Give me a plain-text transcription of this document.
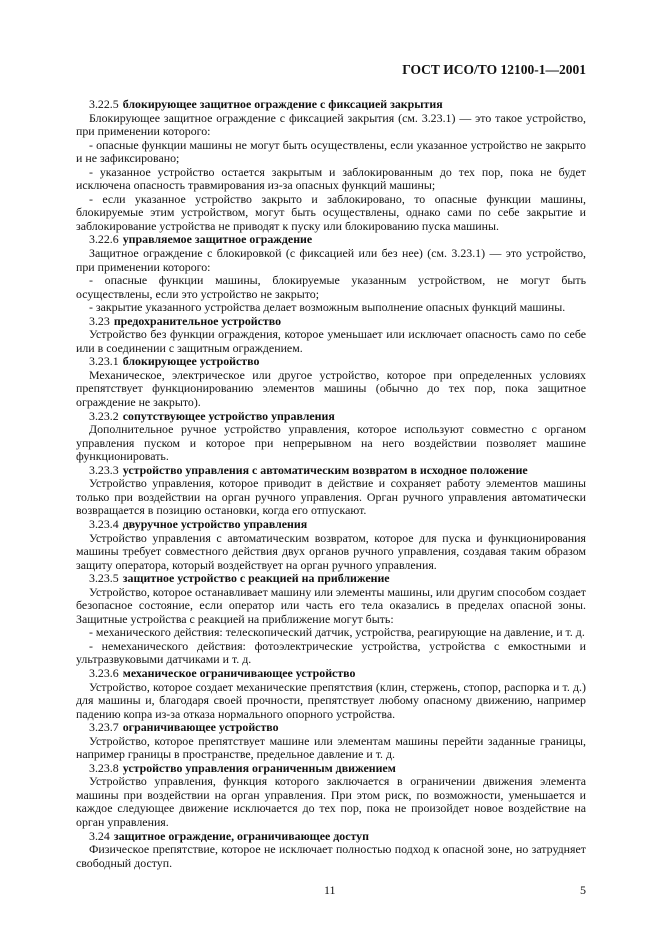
ГОСТ ИСО/ТО 12100-1—2001

3.22.5 блокирующее защитное ограждение с фиксацией закрытия

Блокирующее защитное ограждение с фиксацией закрытия (см. 3.23.1) — это такое устройство, при применении которого:

- опасные функции машины не могут быть осуществлены, если указанное устройство не закрыто и не зафиксировано;

- указанное устройство остается закрытым и заблокированным до тех пор, пока не будет исключена опасность травмирования из-за опасных функций машины;

- если указанное устройство закрыто и заблокировано, то опасные функции машины, блокируемые этим устройством, могут быть осуществлены, однако сами по себе закрытие и заблокирование устройства не приводят к пуску или блокированию пуска машины.

3.22.6 управляемое защитное ограждение

Защитное ограждение с блокировкой (с фиксацией или без нее) (см. 3.23.1) — это устройство, при применении которого:

- опасные функции машины, блокируемые указанным устройством, не могут быть осуществлены, если это устройство не закрыто;

- закрытие указанного устройства делает возможным выполнение опасных функций машины.

3.23 предохранительное устройство

Устройство без функции ограждения, которое уменьшает или исключает опасность само по себе или в соединении с защитным ограждением.

3.23.1 блокирующее устройство

Механическое, электрическое или другое устройство, которое при определенных условиях препятствует функционированию элементов машины (обычно до тех пор, пока защитное ограждение не закрыто).

3.23.2 сопутствующее устройство управления

Дополнительное ручное устройство управления, которое используют совместно с органом управления пуском и которое при непрерывном на него воздействии позволяет машине функционировать.

3.23.3 устройство управления с автоматическим возвратом в исходное положение

Устройство управления, которое приводит в действие и сохраняет работу элементов машины только при воздействии на орган ручного управления. Орган ручного управления автоматически возвращается в позицию остановки, когда его отпускают.

3.23.4 двуручное устройство управления

Устройство управления с автоматическим возвратом, которое для пуска и функционирования машины требует совместного действия двух органов ручного управления, создавая таким образом защиту оператора, который воздействует на орган ручного управления.

3.23.5 защитное устройство с реакцией на приближение

Устройство, которое останавливает машину или элементы машины, или другим способом создает безопасное состояние, если оператор или часть его тела оказались в пределах опасной зоны. Защитные устройства с реакцией на приближение могут быть:

- механического действия: телескопический датчик, устройства, реагирующие на давление, и т. д.

- немеханического действия: фотоэлектрические устройства, устройства с емкостными и ультразвуковыми датчиками и т. д.

3.23.6 механическое ограничивающее устройство

Устройство, которое создает механические препятствия (клин, стержень, стопор, распорка и т. д.) для машины и, благодаря своей прочности, препятствует любому опасному движению, например падению копра из-за отказа нормального опорного устройства.

3.23.7 ограничивающее устройство

Устройство, которое препятствует машине или элементам машины перейти заданные границы, например границы в пространстве, предельное давление и т. д.

3.23.8 устройство управления ограниченным движением

Устройство управления, функция которого заключается в ограничении движения элемента машины при воздействии на орган управления. При этом риск, по возможности, уменьшается и каждое следующее движение исключается до тех пор, пока не произойдет новое воздействие на орган управления.

3.24 защитное ограждение, ограничивающее доступ

Физическое препятствие, которое не исключает полностью подход к опасной зоне, но затрудняет свободный доступ.

11	5
